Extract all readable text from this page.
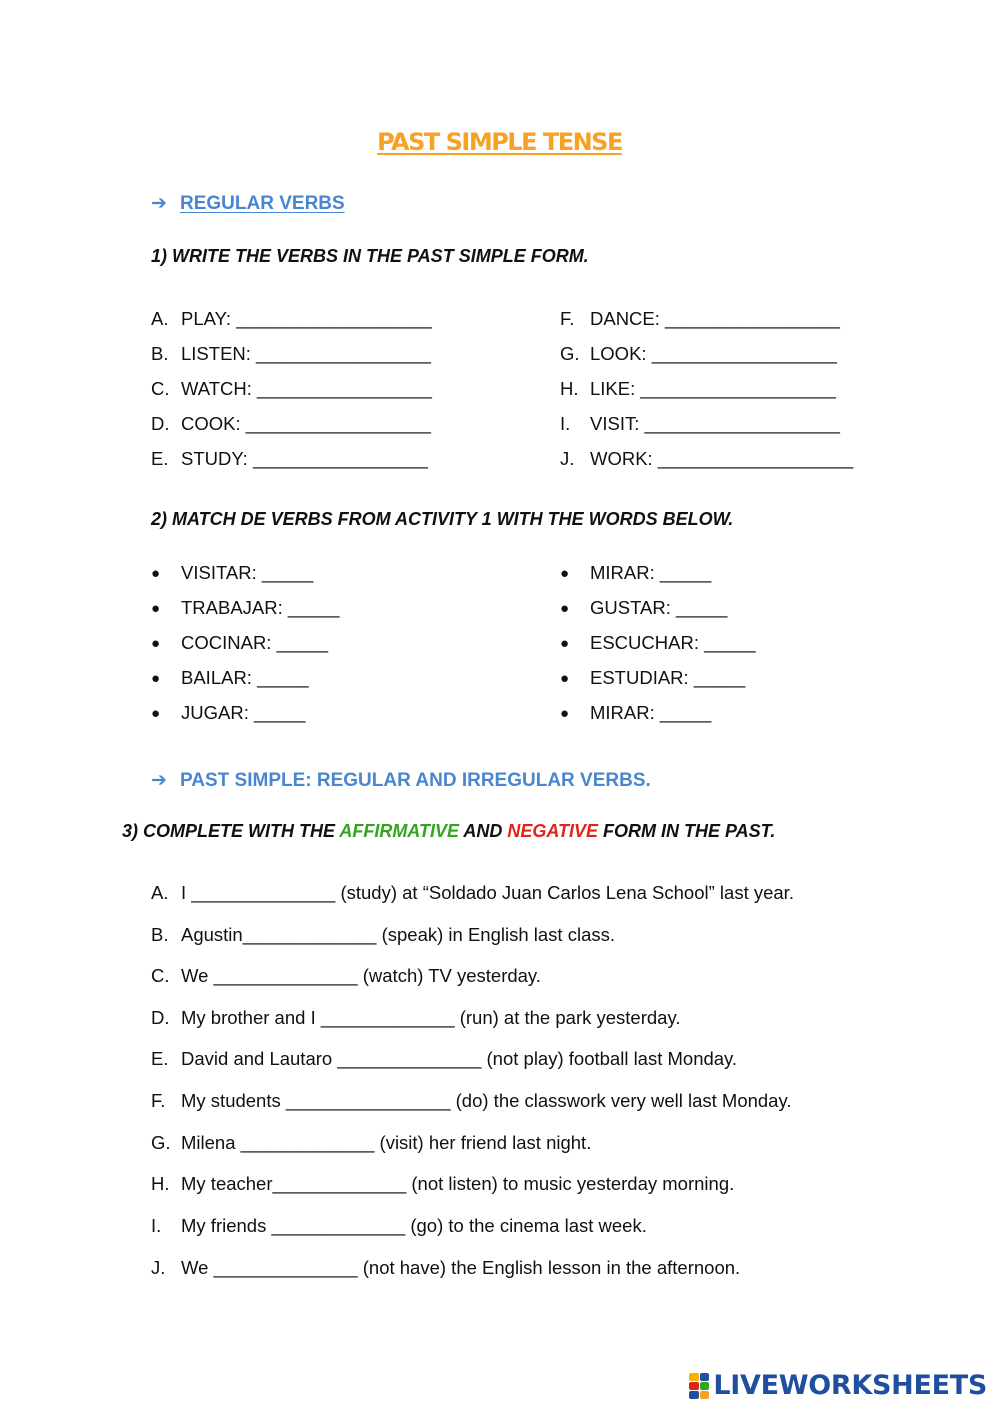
PAST SIMPLE TENSE
➔ REGULAR VERBS
1) WRITE THE VERBS IN THE PAST SIMPLE FORM.
A. PLAY: ___________________
B. LISTEN: _________________
C. WATCH: _________________
D. COOK: __________________
E. STUDY: _________________
F. DANCE: _________________
G. LOOK: __________________
H. LIKE: ___________________
I. VISIT: ___________________
J. WORK: ___________________
2) MATCH DE VERBS FROM ACTIVITY 1 WITH THE WORDS BELOW.
● VISITAR: _____
● TRABAJAR: _____
● COCINAR: _____
● BAILAR: _____
● JUGAR: _____
● MIRAR: _____
● GUSTAR: _____
● ESCUCHAR: _____
● ESTUDIAR: _____
● MIRAR: _____
➔ PAST SIMPLE: REGULAR AND IRREGULAR VERBS.
3) COMPLETE WITH THE AFFIRMATIVE AND NEGATIVE FORM IN THE PAST.
A. I ______________ (study) at “Soldado Juan Carlos Lena School” last year.
B. Agustin_____________ (speak) in English last class.
C. We ______________ (watch) TV yesterday.
D. My brother and I _____________ (run) at the park yesterday.
E. David and Lautaro ______________ (not play) football last Monday.
F. My students ________________ (do) the classwork very well last Monday.
G. Milena _____________ (visit) her friend last night.
H. My teacher_____________ (not listen) to music yesterday morning.
I. My friends _____________ (go) to the cinema last week.
J. We ______________ (not have) the English lesson in the afternoon.
LIVEWORKSHEETS
